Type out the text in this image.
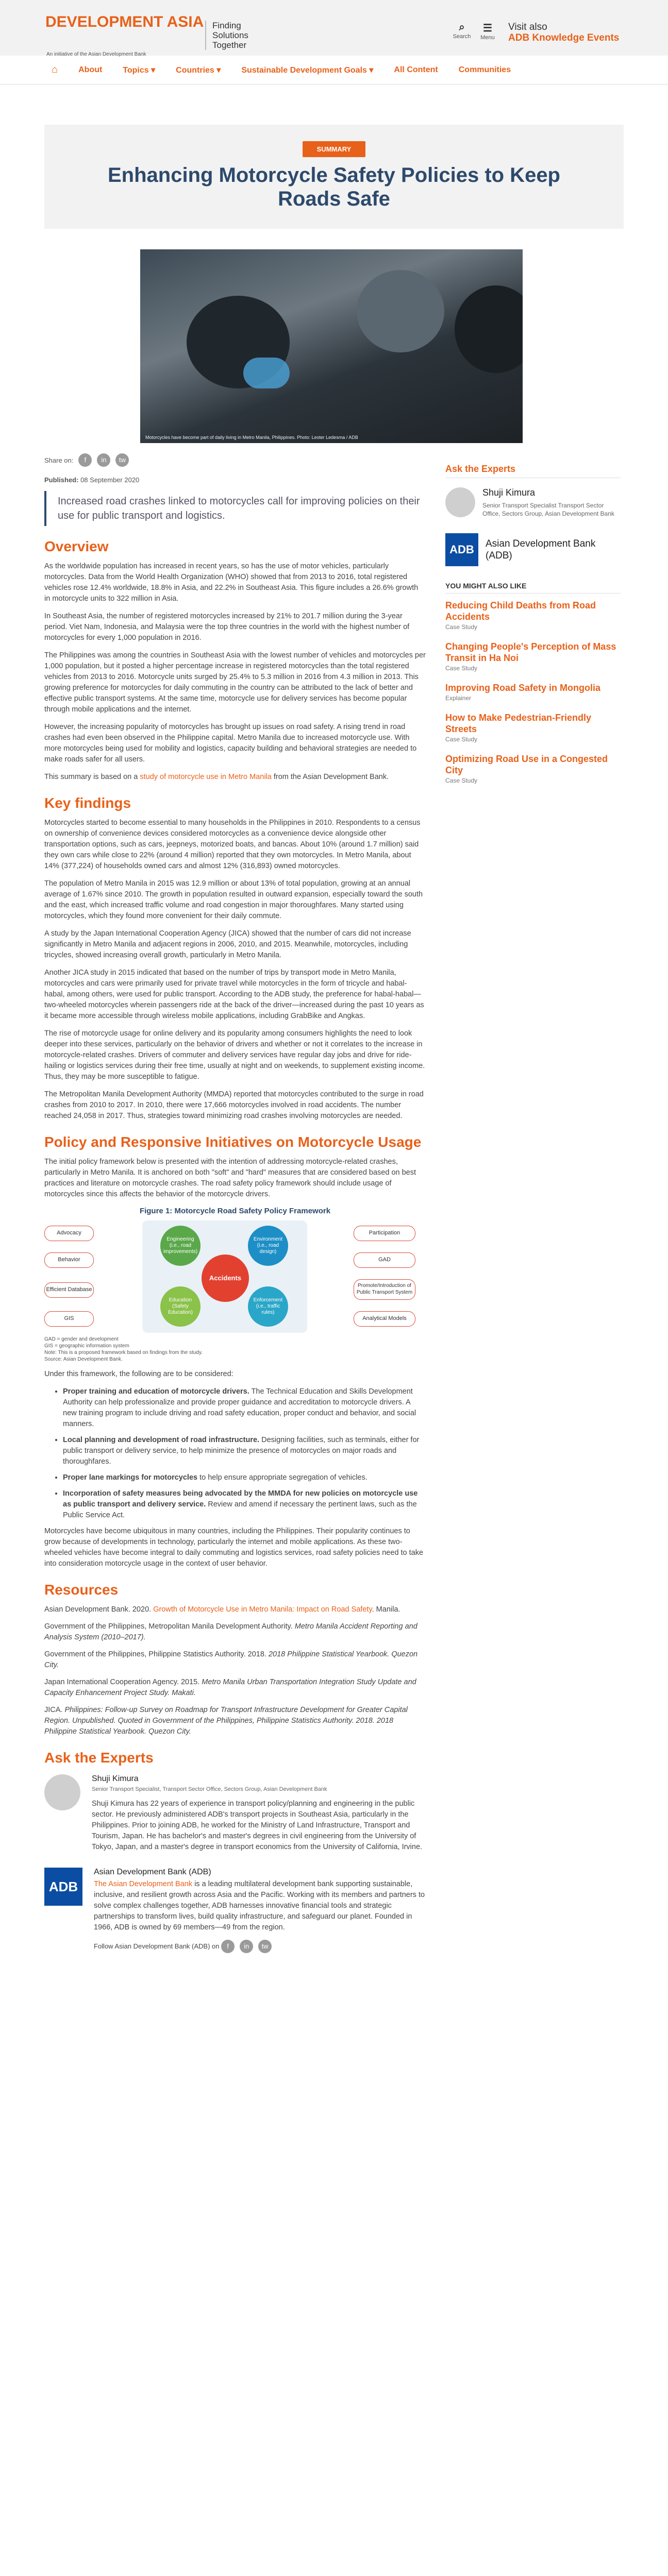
DEVELOPMENT ASIA
An initiative of the Asian Development Bank
Finding
Solutions
Together
⌕
Search
☰
Menu
Visit also
ADB Knowledge Events
⌂	About	Topics ▾	Countries ▾	Sustainable Development Goals ▾	All Content	Communities
SUMMARY
Enhancing Motorcycle Safety Policies to Keep Roads Safe
Motorcycles have become part of daily living in Metro Manila, Philippines. Photo: Lester Ledesma / ADB
Share on:	f	in	tw
Published: 08 September 2020
Increased road crashes linked to motorcycles call for improving policies on their use for public transport and logistics.
Overview

As the worldwide population has increased in recent years, so has the use of motor vehicles, particularly motorcycles. Data from the World Health Organization (WHO) showed that from 2013 to 2016, total registered vehicles rose 12.4% worldwide, 18.8% in Asia, and 22.2% in Southeast Asia. This figure includes a 26.6% growth in motorcycle units to 322 million in Asia.

In Southeast Asia, the number of registered motorcycles increased by 21% to 201.7 million during the 3-year period. Viet Nam, Indonesia, and Malaysia were the top three countries in the world with the highest number of motorcycles for every 1,000 population in 2016.

The Philippines was among the countries in Southeast Asia with the lowest number of vehicles and motorcycles per 1,000 population, but it posted a higher percentage increase in registered motorcycles than the total registered vehicles from 2013 to 2016. Motorcycle units surged by 25.4% to 5.3 million in 2016 from 4.3 million in 2013. This growing preference for motorcycles for daily commuting in the country can be attributed to the lack of better and effective public transport systems. At the same time, motorcycle use for delivery services has become popular through mobile applications and the internet.

However, the increasing popularity of motorcycles has brought up issues on road safety. A rising trend in road crashes had even been observed in the Philippine capital. Metro Manila due to increased motorcycle use. With more motorcycles being used for mobility and logistics, capacity building and behavioral strategies are needed to make roads safer for all users.

This summary is based on a study of motorcycle use in Metro Manila from the Asian Development Bank.

Key findings

Motorcycles started to become essential to many households in the Philippines in 2010. Respondents to a census on ownership of convenience devices considered motorcycles as a convenience device alongside other transportation options, such as cars, jeepneys, motorized boats, and bancas. About 10% (around 1.7 million) said they own cars while close to 22% (around 4 million) reported that they own motorcycles. In Metro Manila, about 14% (377,224) of households owned cars and almost 12% (316,893) owned motorcycles.

The population of Metro Manila in 2015 was 12.9 million or about 13% of total population, growing at an annual average of 1.67% since 2010. The growth in population resulted in outward expansion, especially toward the south and the east, which increased traffic volume and road congestion in major thoroughfares. Many started using motorcycles, which they found more convenient for their daily commute.

A study by the Japan International Cooperation Agency (JICA) showed that the number of cars did not increase significantly in Metro Manila and adjacent regions in 2006, 2010, and 2015. Meanwhile, motorcycles, including tricycles, showed increasing overall growth, particularly in Metro Manila.

Another JICA study in 2015 indicated that based on the number of trips by transport mode in Metro Manila, motorcycles and cars were primarily used for private travel while motorcycles in the form of tricycle and habal-habal, among others, were used for public transport. According to the ADB study, the preference for habal-habal—two-wheeled motorcycles wherein passengers ride at the back of the driver—increased during the past 10 years as it became more accessible through wireless mobile applications, including GrabBike and Angkas.

The rise of motorcycle usage for online delivery and its popularity among consumers highlights the need to look deeper into these services, particularly on the behavior of drivers and whether or not it correlates to the increase in motorcycle-related crashes. Drivers of commuter and delivery services have regular day jobs and drive for ride-hailing or logistics services during their free time, usually at night and on weekends, to supplement existing income. Thus, they may be more susceptible to fatigue.

The Metropolitan Manila Development Authority (MMDA) reported that motorcycles contributed to the surge in road crashes from 2010 to 2017. In 2010, there were 17,666 motorcycles involved in road accidents. The number reached 24,058 in 2017. Thus, strategies toward minimizing road crashes involving motorcycles are needed.

Policy and Responsive Initiatives on Motorcycle Usage

The initial policy framework below is presented with the intention of addressing motorcycle-related crashes, particularly in Metro Manila. It is anchored on both "soft" and "hard" measures that are considered based on best practices and literature on motorcycle crashes. The road safety policy framework should include usage of motorcycles since this affects the behavior of the motorcycle drivers.

Figure 1: Motorcycle Road Safety Policy Framework
Advocacy
Behavior
Efficient Database
GIS
Participation
GAD
Promote/Introduction of Public Transport System
Analytical Models
Engineering (i.e., road improvements)
Environment (i.e., road design)
Education (Safety Education)
Enforcement (i.e., traffic rules)
Accidents
GAD = gender and development
GIS = geographic information system
Note: This is a proposed framework based on findings from the study.
Source: Asian Development Bank.

Under this framework, the following are to be considered:

• Proper training and education of motorcycle drivers. The Technical Education and Skills Development Authority can help professionalize and provide proper guidance and accreditation to motorcycle drivers. A new training program to include driving and road safety education, proper conduct and behavior, and social manners.
• Local planning and development of road infrastructure. Designing facilities, such as terminals, either for public transport or delivery service, to help minimize the presence of motorcycles on major roads and thoroughfares.
• Proper lane markings for motorcycles to help ensure appropriate segregation of vehicles.
• Incorporation of safety measures being advocated by the MMDA for new policies on motorcycle use as public transport and delivery service. Review and amend if necessary the pertinent laws, such as the Public Service Act.

Motorcycles have become ubiquitous in many countries, including the Philippines. Their popularity continues to grow because of developments in technology, particularly the internet and mobile applications. As these two-wheeled vehicles have become integral to daily commuting and logistics services, road safety policies need to take into consideration motorcycle usage in the context of user behavior.

Resources

Asian Development Bank. 2020. Growth of Motorcycle Use in Metro Manila: Impact on Road Safety. Manila.

Government of the Philippines, Metropolitan Manila Development Authority. Metro Manila Accident Reporting and Analysis System (2010–2017).

Government of the Philippines, Philippine Statistics Authority. 2018. 2018 Philippine Statistical Yearbook. Quezon City.

Japan International Cooperation Agency. 2015. Metro Manila Urban Transportation Integration Study Update and Capacity Enhancement Project Study. Makati.

JICA. Philippines: Follow-up Survey on Roadmap for Transport Infrastructure Development for Greater Capital Region. Unpublished. Quoted in Government of the Philippines, Philippine Statistics Authority. 2018. 2018 Philippine Statistical Yearbook. Quezon City.

Ask the Experts
Shuji Kimura
Senior Transport Specialist, Transport Sector Office, Sectors Group, Asian Development Bank

Shuji Kimura has 22 years of experience in transport policy/planning and engineering in the public sector. He previously administered ADB's transport projects in Southeast Asia, particularly in the Philippines. Prior to joining ADB, he worked for the Ministry of Land Infrastructure, Transport and Tourism, Japan. He has bachelor's and master's degrees in civil engineering from the University of Tokyo, Japan, and a master's degree in transport economics from the University of California, Irvine.

ADB
Asian Development Bank (ADB)

The Asian Development Bank is a leading multilateral development bank supporting sustainable, inclusive, and resilient growth across Asia and the Pacific. Working with its members and partners to solve complex challenges together, ADB harnesses innovative financial tools and strategic partnerships to transform lives, build quality infrastructure, and safeguard our planet. Founded in 1966, ADB is owned by 69 members—49 from the region.

Follow Asian Development Bank (ADB) on	f	in	tw

Ask the Experts
Shuji Kimura
Senior Transport Specialist Transport Sector Office, Sectors Group, Asian Development Bank
ADB	Asian Development Bank (ADB)
YOU MIGHT ALSO LIKE
Reducing Child Deaths from Road Accidents
Case Study
Changing People's Perception of Mass Transit in Ha Noi
Case Study
Improving Road Safety in Mongolia
Explainer
How to Make Pedestrian-Friendly Streets
Case Study
Optimizing Road Use in a Congested City
Case Study
